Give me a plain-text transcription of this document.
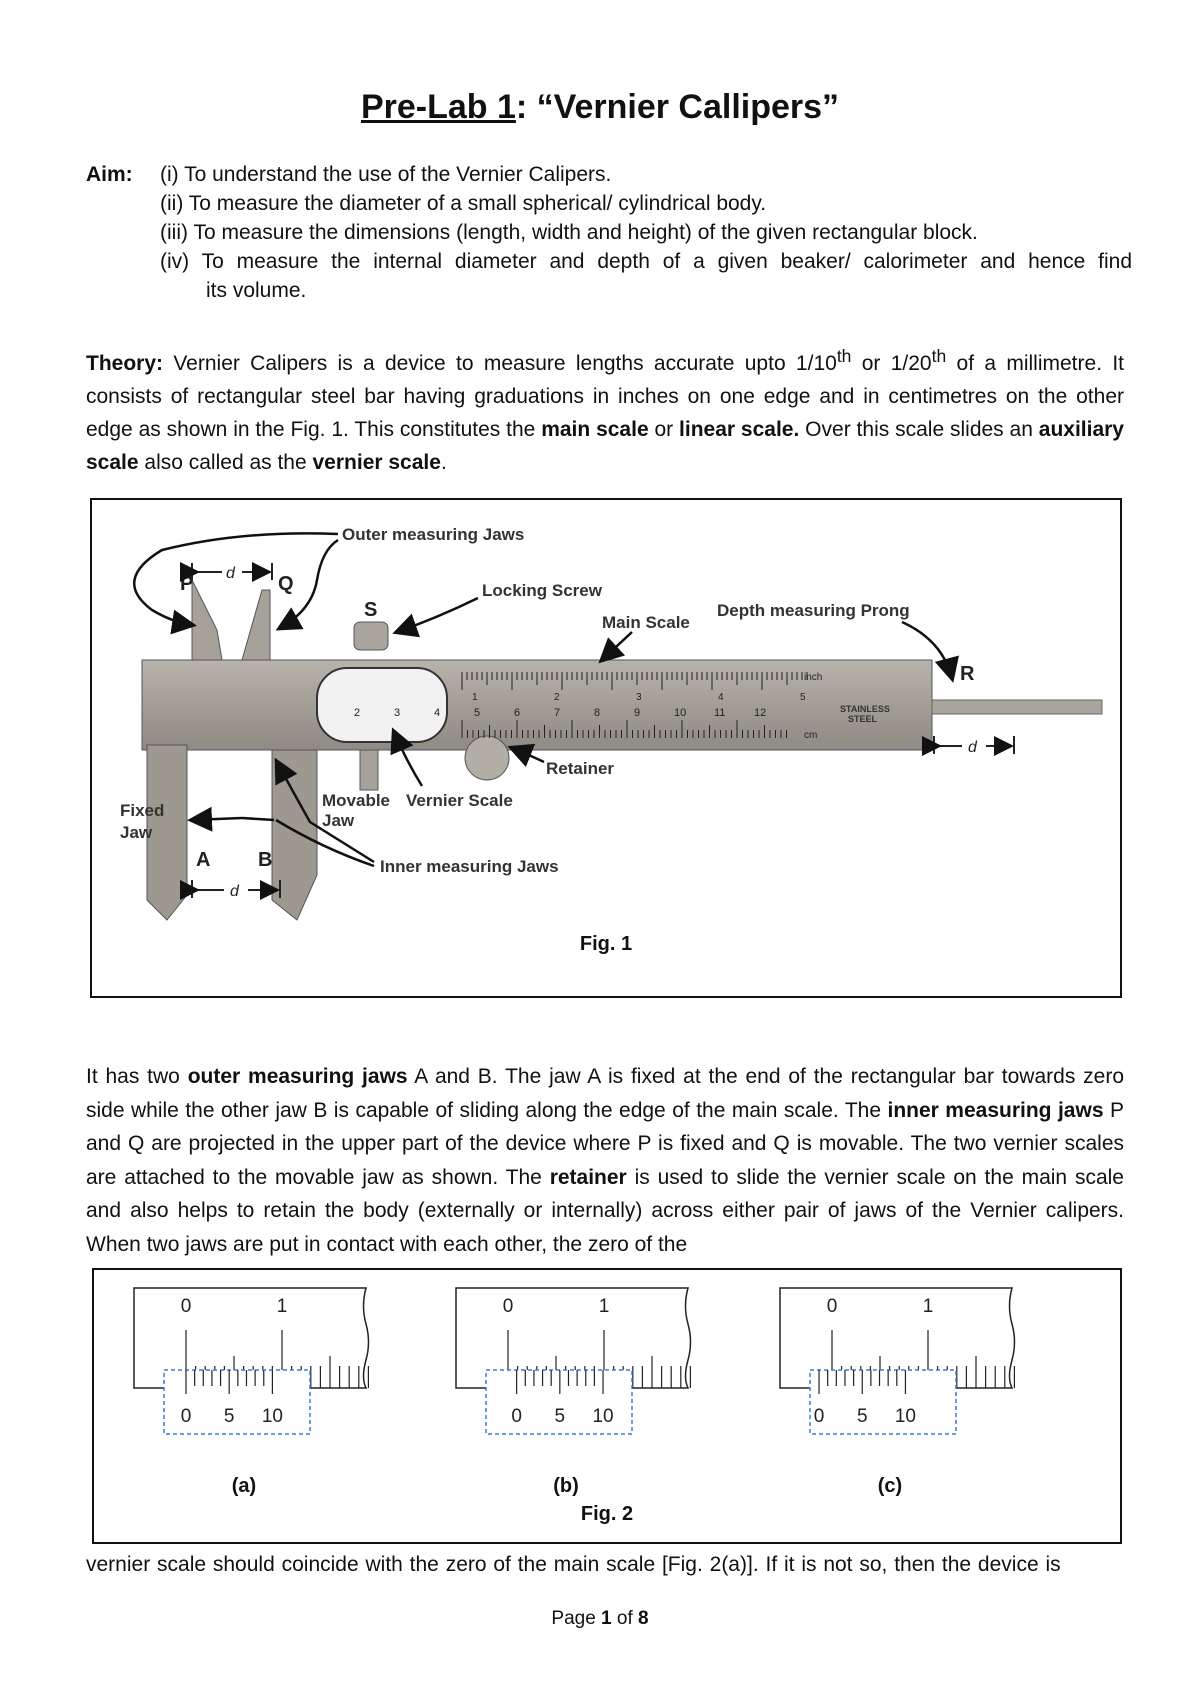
Pre-Lab 1: “Vernier Callipers”
Aim: (i) To understand the use of the Vernier Calipers.
(ii) To measure the diameter of a small spherical/ cylindrical body.
(iii) To measure the dimensions (length, width and height) of the given rectangular block.
(iv) To measure the internal diameter and depth of a given beaker/ calorimeter and hence find
its volume.
Theory: Vernier Calipers is a device to measure lengths accurate upto 1/10th or 1/20th of a millimetre. It consists of rectangular steel bar having graduations in inches on one edge and in centimetres on the other edge as shown in the Fig. 1. This constitutes the main scale or linear scale. Over this scale slides an auxiliary scale also called as the vernier scale.
1	2	3	4	5
2	3	4	5	6	7	8	9	10	11	12
Outer measuring Jaws
Locking Screw
Main Scale
Depth measuring Prong
S
P	Q
R
A B
Retainer
Fixed
Jaw
Movable
Jaw
Vernier Scale
Inner measuring Jaws
inch
cm
STAINLESS
STEEL
d
d
d
Fig. 1
It has two outer measuring jaws A and B. The jaw A is fixed at the end of the rectangular bar towards zero side while the other jaw B is capable of sliding along the edge of the main scale. The inner measuring jaws P and Q are projected in the upper part of the device where P is fixed and Q is movable. The two vernier scales are attached to the movable jaw as shown. The retainer is used to slide the vernier scale on the main scale and also helps to retain the body (externally or internally) across either pair of jaws of the Vernier calipers. When two jaws are put in contact with each other, the zero of the
Fig. 2
0	1
0 5 10
(a)
0	1
0 5 10
(b)
0	1
0 5 10
(c)
vernier scale should coincide with the zero of the main scale [Fig. 2(a)]. If it is not so, then the device is
Page 1 of 8
